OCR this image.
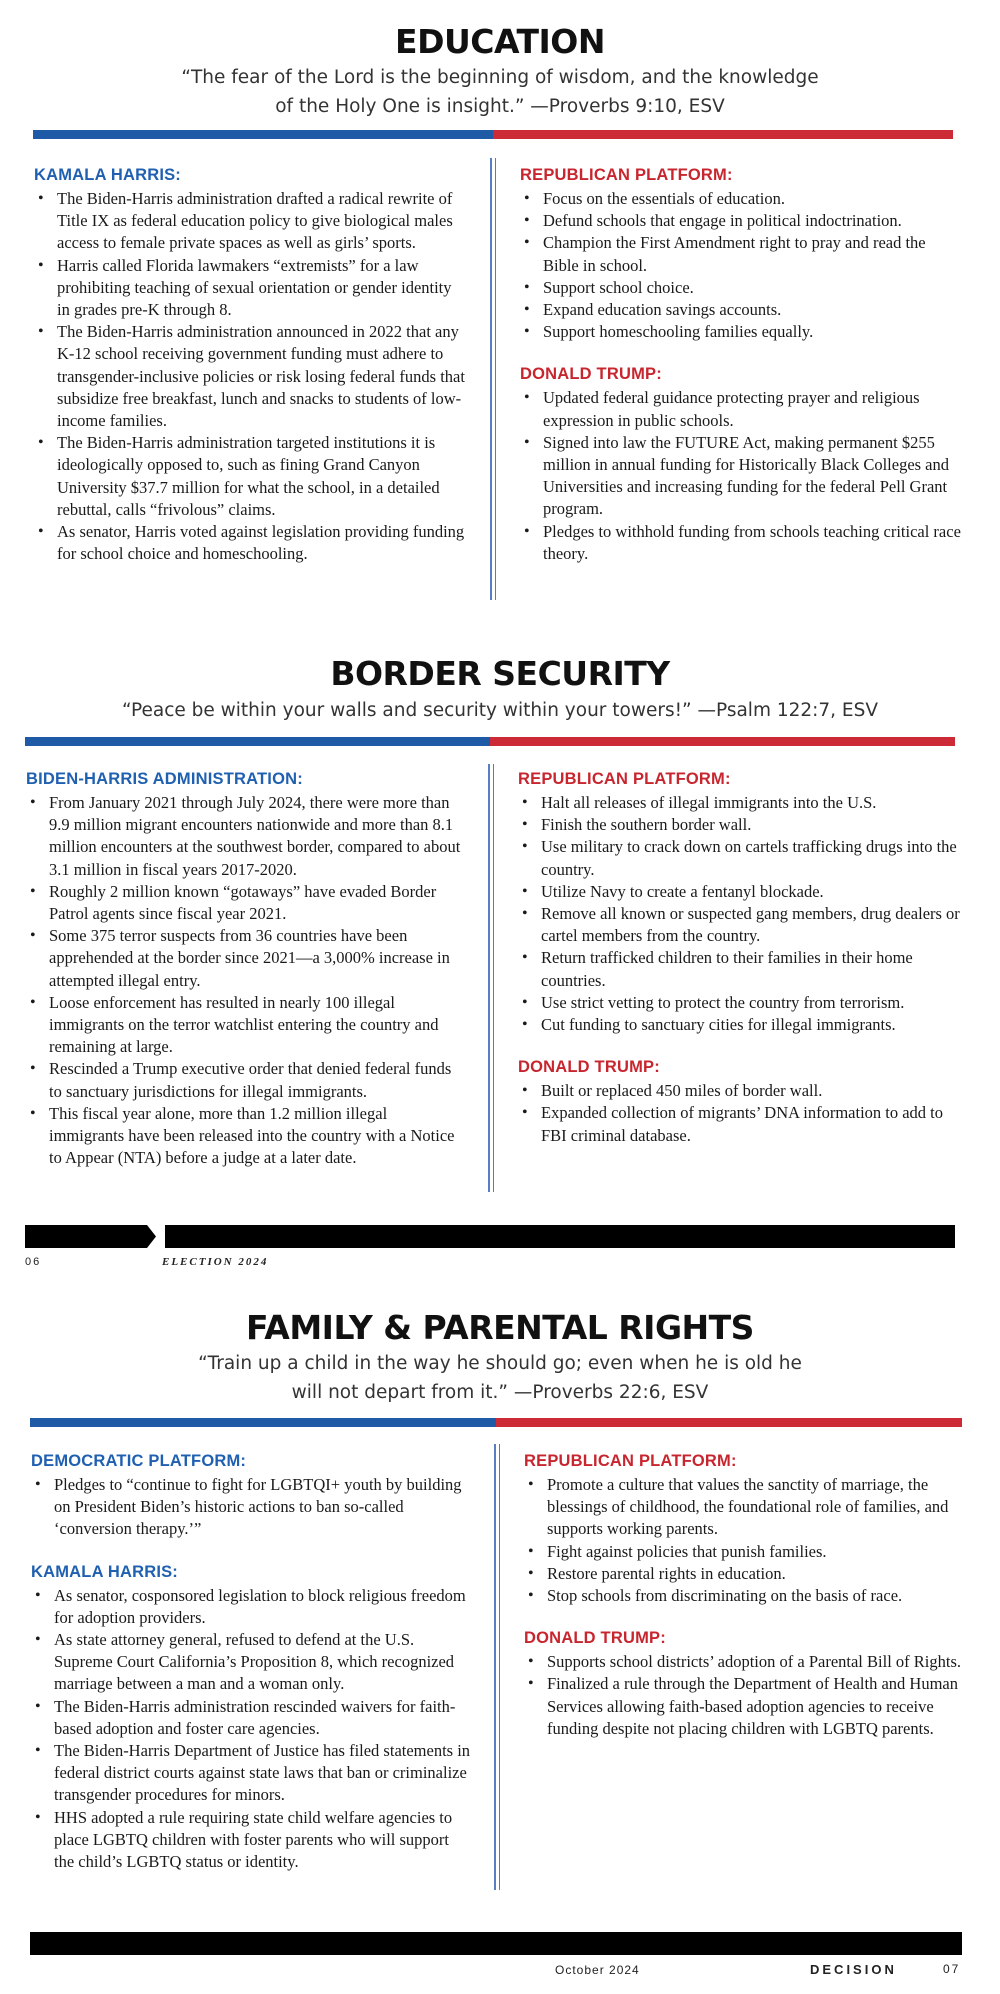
EDUCATION

“The fear of the Lord is the beginning of wisdom, and the knowledge
of the Holy One is insight.” —Proverbs 9:10, ESV

KAMALA HARRIS:
• The Biden-Harris administration drafted a radical rewrite of Title IX as federal education policy to give biological males access to female private spaces as well as girls’ sports.
• Harris called Florida lawmakers “extremists” for a law prohibiting teaching of sexual orientation or gender identity in grades pre-K through 8.
• The Biden-Harris administration announced in 2022 that any K-12 school receiving government funding must adhere to transgender-inclusive policies or risk losing federal funds that subsidize free breakfast, lunch and snacks to students of low-income families.
• The Biden-Harris administration targeted institutions it is ideologically opposed to, such as fining Grand Canyon University $37.7 million for what the school, in a detailed rebuttal, calls “frivolous” claims.
• As senator, Harris voted against legislation providing funding for school choice and homeschooling.
REPUBLICAN PLATFORM:
• Focus on the essentials of education.
• Defund schools that engage in political indoctrination.
• Champion the First Amendment right to pray and read the Bible in school.
• Support school choice.
• Expand education savings accounts.
• Support homeschooling families equally.
DONALD TRUMP:
• Updated federal guidance protecting prayer and religious expression in public schools.
• Signed into law the FUTURE Act, making permanent $255 million in annual funding for Historically Black Colleges and Universities and increasing funding for the federal Pell Grant program.
• Pledges to withhold funding from schools teaching critical race theory.
BORDER SECURITY

“Peace be within your walls and security within your towers!” —Psalm 122:7, ESV

BIDEN-HARRIS ADMINISTRATION:
• From January 2021 through July 2024, there were more than 9.9 million migrant encounters nationwide and more than 8.1 million encounters at the southwest border, compared to about 3.1 million in fiscal years 2017-2020.
• Roughly 2 million known “gotaways” have evaded Border Patrol agents since fiscal year 2021.
• Some 375 terror suspects from 36 countries have been apprehended at the border since 2021—a 3,000% increase in attempted illegal entry.
• Loose enforcement has resulted in nearly 100 illegal immigrants on the terror watchlist entering the country and remaining at large.
• Rescinded a Trump executive order that denied federal funds to sanctuary jurisdictions for illegal immigrants.
• This fiscal year alone, more than 1.2 million illegal immigrants have been released into the country with a Notice to Appear (NTA) before a judge at a later date.
REPUBLICAN PLATFORM:
• Halt all releases of illegal immigrants into the U.S.
• Finish the southern border wall.
• Use military to crack down on cartels trafficking drugs into the country.
• Utilize Navy to create a fentanyl blockade.
• Remove all known or suspected gang members, drug dealers or cartel members from the country.
• Return trafficked children to their families in their home countries.
• Use strict vetting to protect the country from terrorism.
• Cut funding to sanctuary cities for illegal immigrants.
DONALD TRUMP:
• Built or replaced 450 miles of border wall.
• Expanded collection of migrants’ DNA information to add to FBI criminal database.
06	ELECTION 2024
FAMILY & PARENTAL RIGHTS

“Train up a child in the way he should go; even when he is old he
will not depart from it.” —Proverbs 22:6, ESV

DEMOCRATIC PLATFORM:
• Pledges to “continue to fight for LGBTQI+ youth by building on President Biden’s historic actions to ban so-called ‘conversion therapy.’”
KAMALA HARRIS:
• As senator, cosponsored legislation to block religious freedom for adoption providers.
• As state attorney general, refused to defend at the U.S. Supreme Court California’s Proposition 8, which recognized marriage between a man and a woman only.
• The Biden-Harris administration rescinded waivers for faith-based adoption and foster care agencies.
• The Biden-Harris Department of Justice has filed statements in federal district courts against state laws that ban or criminalize transgender procedures for minors.
• HHS adopted a rule requiring state child welfare agencies to place LGBTQ children with foster parents who will support the child’s LGBTQ status or identity.
REPUBLICAN PLATFORM:
• Promote a culture that values the sanctity of marriage, the blessings of childhood, the foundational role of families, and supports working parents.
• Fight against policies that punish families.
• Restore parental rights in education.
• Stop schools from discriminating on the basis of race.
DONALD TRUMP:
• Supports school districts’ adoption of a Parental Bill of Rights.
• Finalized a rule through the Department of Health and Human Services allowing faith-based adoption agencies to receive funding despite not placing children with LGBTQ parents.
October 2024	DECISION	07
